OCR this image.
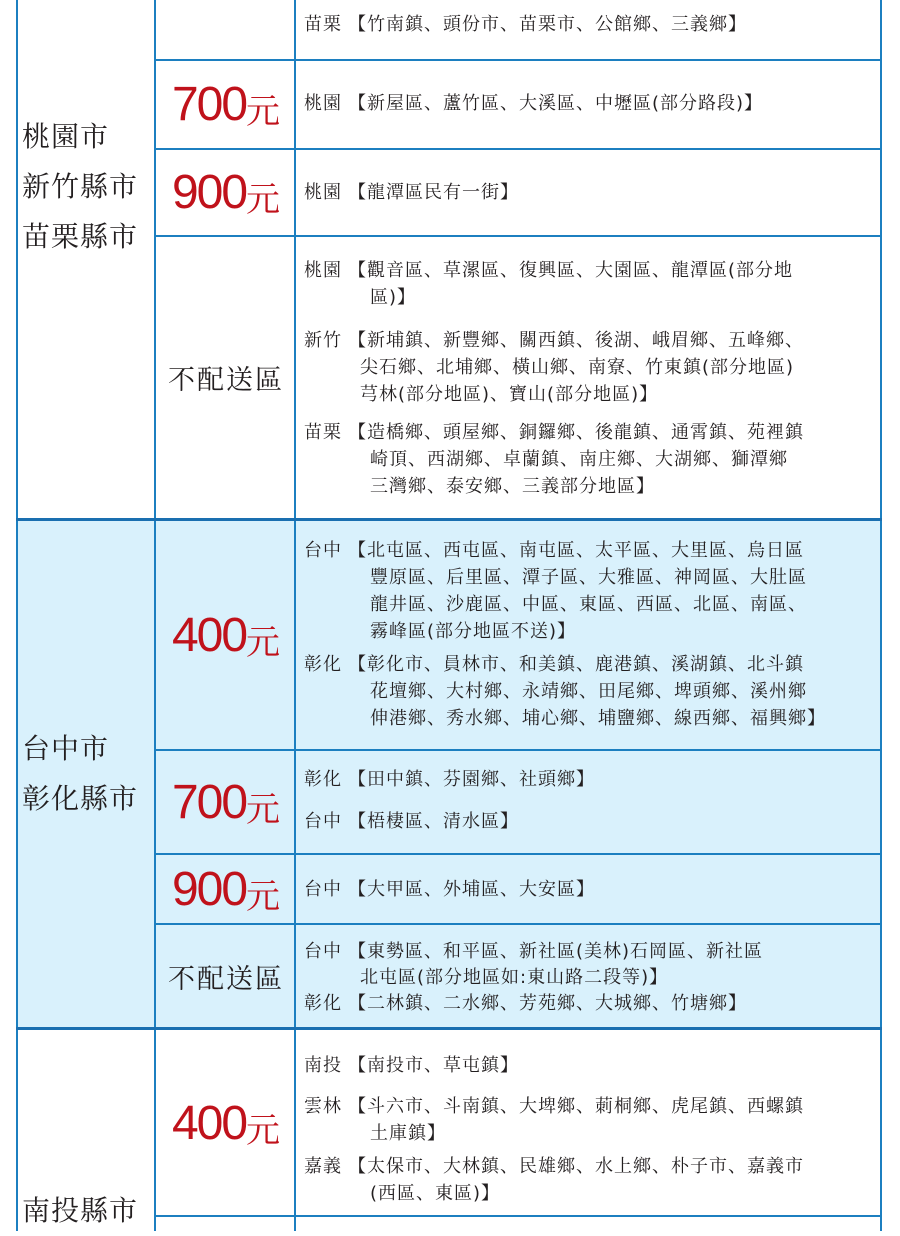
桃園市
新竹縣市
苗栗縣市
苗栗 【竹南鎮、頭份市、苗栗市、公館鄉、三義鄉】
700 元 桃園 【新屋區、蘆竹區、大溪區、中壢區(部分路段)】
900 元 桃園 【龍潭區民有一街】
不配送區
桃園 【觀音區、草漯區、復興區、大園區、龍潭區(部分地
區)】
新竹 【新埔鎮、新豐鄉、關西鎮、後湖、峨眉鄉、五峰鄉、
尖石鄉、北埔鄉、橫山鄉、南寮、竹東鎮(部分地區)
芎林(部分地區)、寶山(部分地區)】
苗栗 【造橋鄉、頭屋鄉、銅鑼鄉、後龍鎮、通霄鎮、苑裡鎮
崎頂、西湖鄉、卓蘭鎮、南庄鄉、大湖鄉、獅潭鄉
三灣鄉、泰安鄉、三義部分地區】
台中市
彰化縣市
400 元
台中 【北屯區、西屯區、南屯區、太平區、大里區、烏日區
豐原區、后里區、潭子區、大雅區、神岡區、大肚區
龍井區、沙鹿區、中區、東區、西區、北區、南區、
霧峰區(部分地區不送)】
彰化 【彰化市、員林市、和美鎮、鹿港鎮、溪湖鎮、北斗鎮
花壇鄉、大村鄉、永靖鄉、田尾鄉、埤頭鄉、溪州鄉
伸港鄉、秀水鄉、埔心鄉、埔鹽鄉、線西鄉、福興鄉】
700 元
彰化 【田中鎮、芬園鄉、社頭鄉】
台中 【梧棲區、清水區】
900 元 台中 【大甲區、外埔區、大安區】
不配送區
台中 【東勢區、和平區、新社區(美林)石岡區、新社區
北屯區(部分地區如:東山路二段等)】
彰化 【二林鎮、二水鄉、芳苑鄉、大城鄉、竹塘鄉】
南投縣市
400 元
南投 【南投市、草屯鎮】
雲林 【斗六市、斗南鎮、大埤鄉、莿桐鄉、虎尾鎮、西螺鎮
土庫鎮】
嘉義 【太保市、大林鎮、民雄鄉、水上鄉、朴子市、嘉義市
(西區、東區)】
